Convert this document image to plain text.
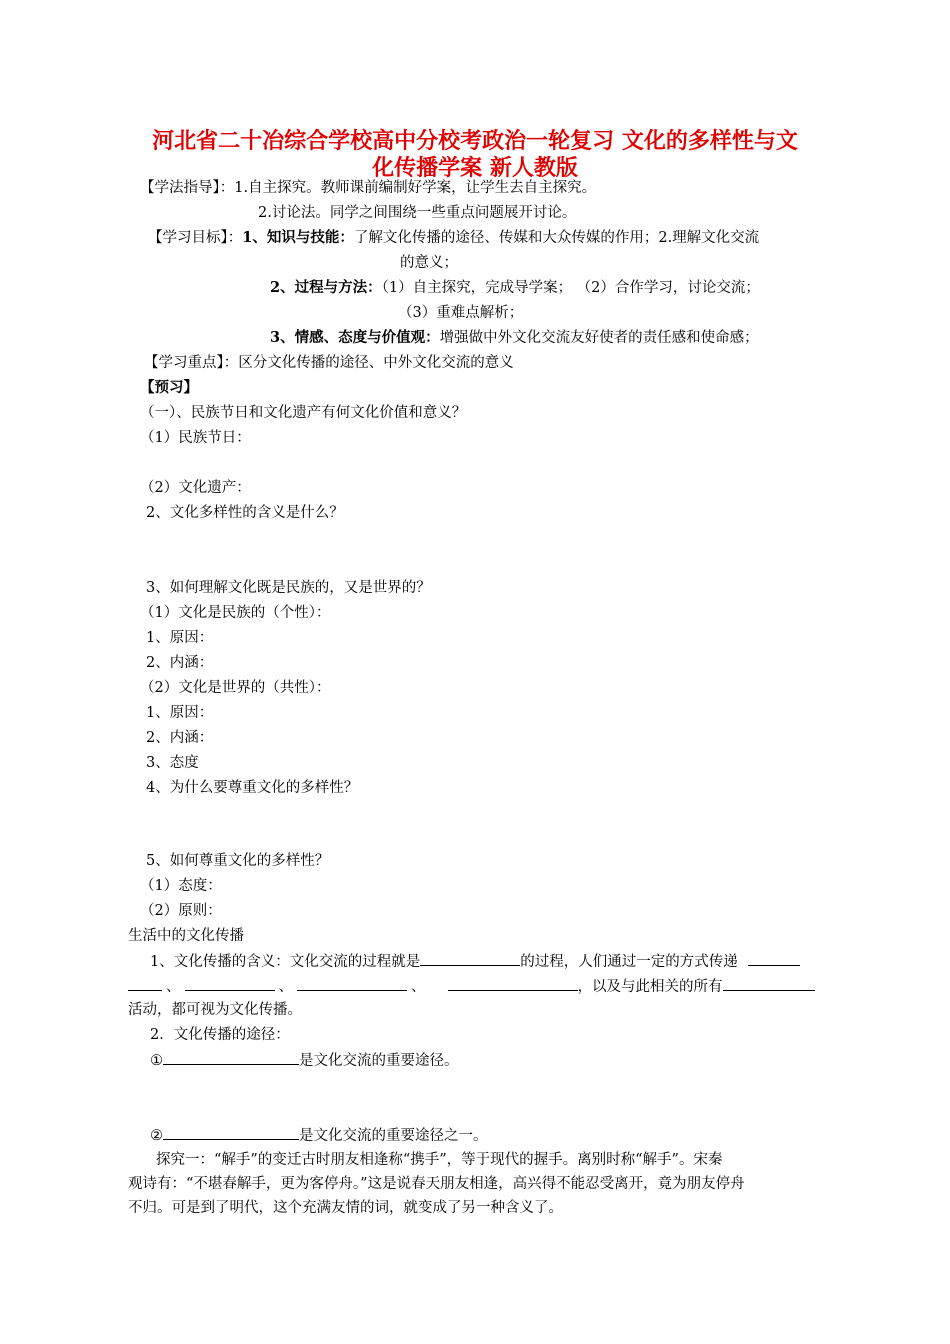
河北省二十冶综合学校高中分校考政治一轮复习 文化的多样性与文
化传播学案 新人教版
【学法指导】：1.自主探究。教师课前编制好学案，让学生去自主探究。
2.讨论法。同学之间围绕一些重点问题展开讨论。
【学习目标】：1、知识与技能：了解文化传播的途径、传媒和大众传媒的作用；2.理解文化交流
的意义；
2、过程与方法：（1）自主探究，完成导学案； （2）合作学习，讨论交流；
（3）重难点解析；
3、情感、态度与价值观：增强做中外文化交流友好使者的责任感和使命感；
【学习重点】：区分文化传播的途径、中外文化交流的意义
【预习】
（一）、民族节日和文化遗产有何文化价值和意义？
（1）民族节日：
（2）文化遗产：
2、文化多样性的含义是什么？
3、如何理解文化既是民族的，又是世界的？
（1）文化是民族的（个性）：
1、原因：
2、内涵：
（2）文化是世界的（共性）：
1、原因：
2、内涵：
3、态度
4、为什么要尊重文化的多样性？
5、如何尊重文化的多样性？
（1）态度：
（2）原则：
生活中的文化传播
1、文化传播的含义：文化交流的过程就是	的过程，人们通过一定的方式传递
、	、	、	，以及与此相关的所有
活动，都可视为文化传播。
2．文化传播的途径：
①	是文化交流的重要途径。
②	是文化交流的重要途径之一。
探究一：“解手”的变迁古时朋友相逢称“携手”，等于现代的握手。离别时称“解手”。宋秦
观诗有：“不堪春解手，更为客停舟。”这是说春天朋友相逢，高兴得不能忍受离开，竟为朋友停舟
不归。可是到了明代，这个充满友情的词，就变成了另一种含义了。
